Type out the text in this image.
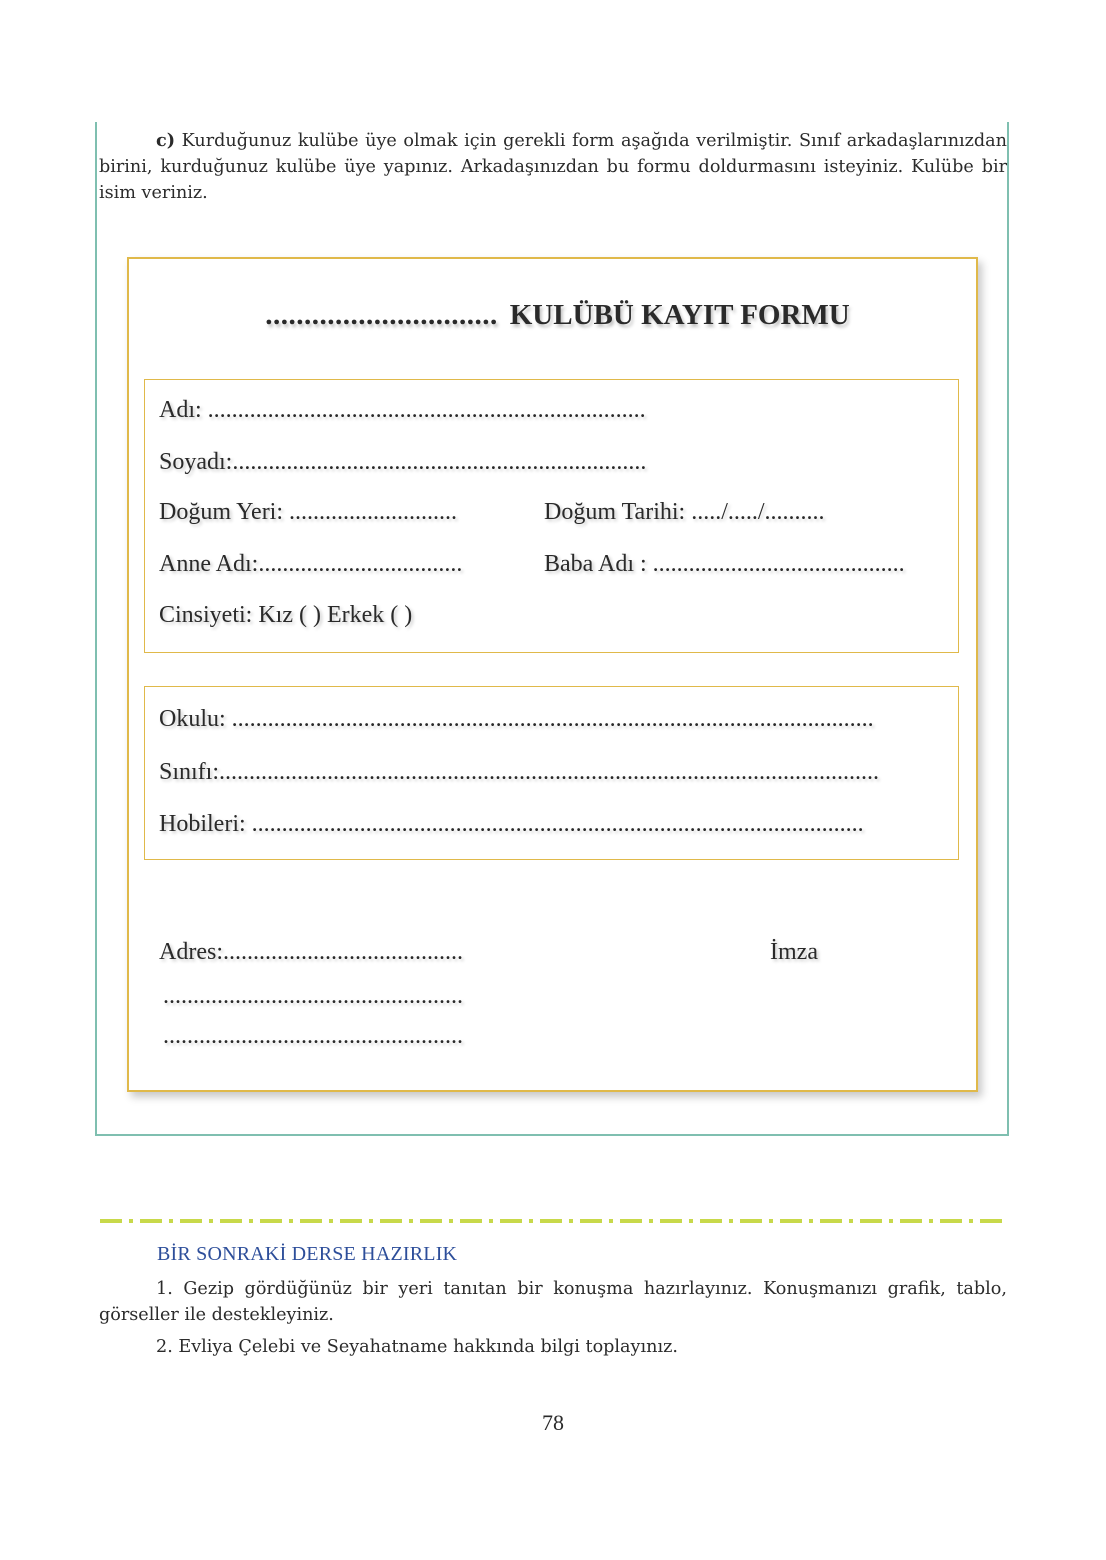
c) Kurduğunuz kulübe üye olmak için gerekli form aşağıda verilmiştir. Sınıf arkadaşlarınızdan birini, kurduğunuz kulübe üye yapınız. Arkadaşınızdan bu formu doldurmasını isteyiniz. Kulübe bir isim veriniz.
.............................. KULÜBÜ KAYIT FORMU
Adı: .........................................................................
Soyadı:.....................................................................
Doğum Yeri: ............................	Doğum Tarihi: ...../...../..........
Anne Adı:..................................	Baba Adı : ..........................................
Cinsiyeti: Kız ( ) Erkek ( )
Okulu: ...........................................................................................................
Sınıfı:..............................................................................................................
Hobileri: ......................................................................................................
Adres:........................................
..................................................
..................................................
İmza
BİR SONRAKİ DERSE HAZIRLIK

1. Gezip gördüğünüz bir yeri tanıtan bir konuşma hazırlayınız. Konuşmanızı grafik, tablo, görseller ile destekleyiniz.

2. Evliya Çelebi ve Seyahatname hakkında bilgi toplayınız.

78
